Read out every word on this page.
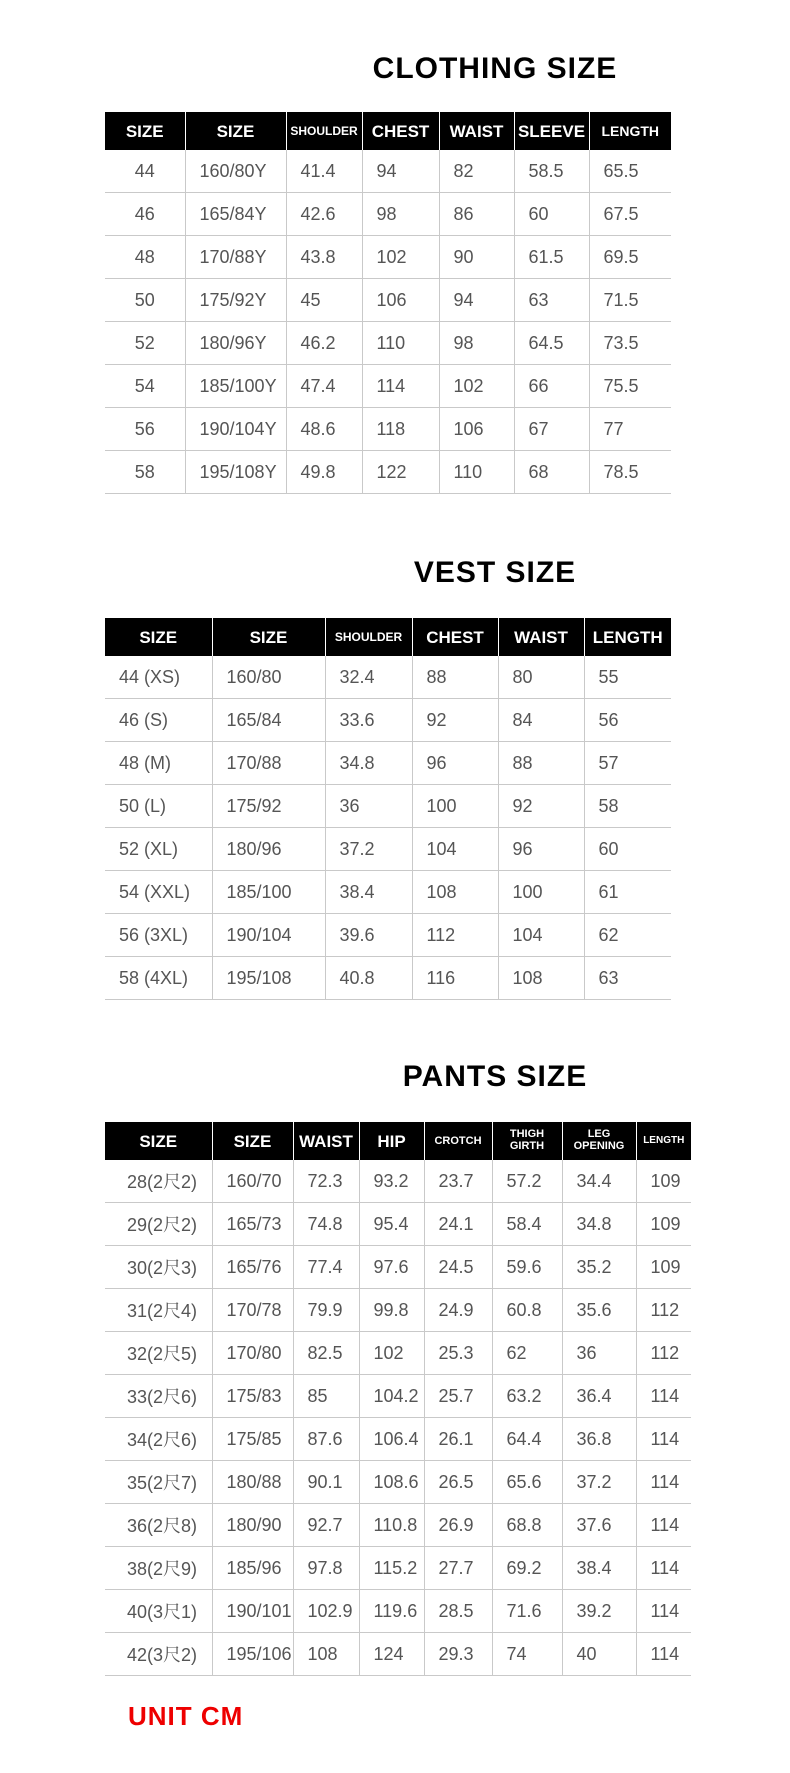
CLOTHING SIZE
SIZE	SIZE	SHOULDER	CHEST	WAIST	SLEEVE	LENGTH
44	160/80Y	41.4	94	82	58.5	65.5
46	165/84Y	42.6	98	86	60	67.5
48	170/88Y	43.8	102	90	61.5	69.5
50	175/92Y	45	106	94	63	71.5
52	180/96Y	46.2	110	98	64.5	73.5
54	185/100Y	47.4	114	102	66	75.5
56	190/104Y	48.6	118	106	67	77
58	195/108Y	49.8	122	110	68	78.5
VEST SIZE
SIZE	SIZE	SHOULDER	CHEST	WAIST	LENGTH
44 (XS)	160/80	32.4	88	80	55
46 (S)	165/84	33.6	92	84	56
48 (M)	170/88	34.8	96	88	57
50 (L)	175/92	36	100	92	58
52 (XL)	180/96	37.2	104	96	60
54 (XXL)	185/100	38.4	108	100	61
56 (3XL)	190/104	39.6	112	104	62
58 (4XL)	195/108	40.8	116	108	63
PANTS SIZE
SIZE	SIZE	WAIST	HIP	CROTCH	THIGH GIRTH	LEG OPENING	LENGTH
28(2尺2)	160/70	72.3	93.2	23.7	57.2	34.4	109
29(2尺2)	165/73	74.8	95.4	24.1	58.4	34.8	109
30(2尺3)	165/76	77.4	97.6	24.5	59.6	35.2	109
31(2尺4)	170/78	79.9	99.8	24.9	60.8	35.6	112
32(2尺5)	170/80	82.5	102	25.3	62	36	112
33(2尺6)	175/83	85	104.2	25.7	63.2	36.4	114
34(2尺6)	175/85	87.6	106.4	26.1	64.4	36.8	114
35(2尺7)	180/88	90.1	108.6	26.5	65.6	37.2	114
36(2尺8)	180/90	92.7	110.8	26.9	68.8	37.6	114
38(2尺9)	185/96	97.8	115.2	27.7	69.2	38.4	114
40(3尺1)	190/101	102.9	119.6	28.5	71.6	39.2	114
42(3尺2)	195/106	108	124	29.3	74	40	114

UNIT CM
